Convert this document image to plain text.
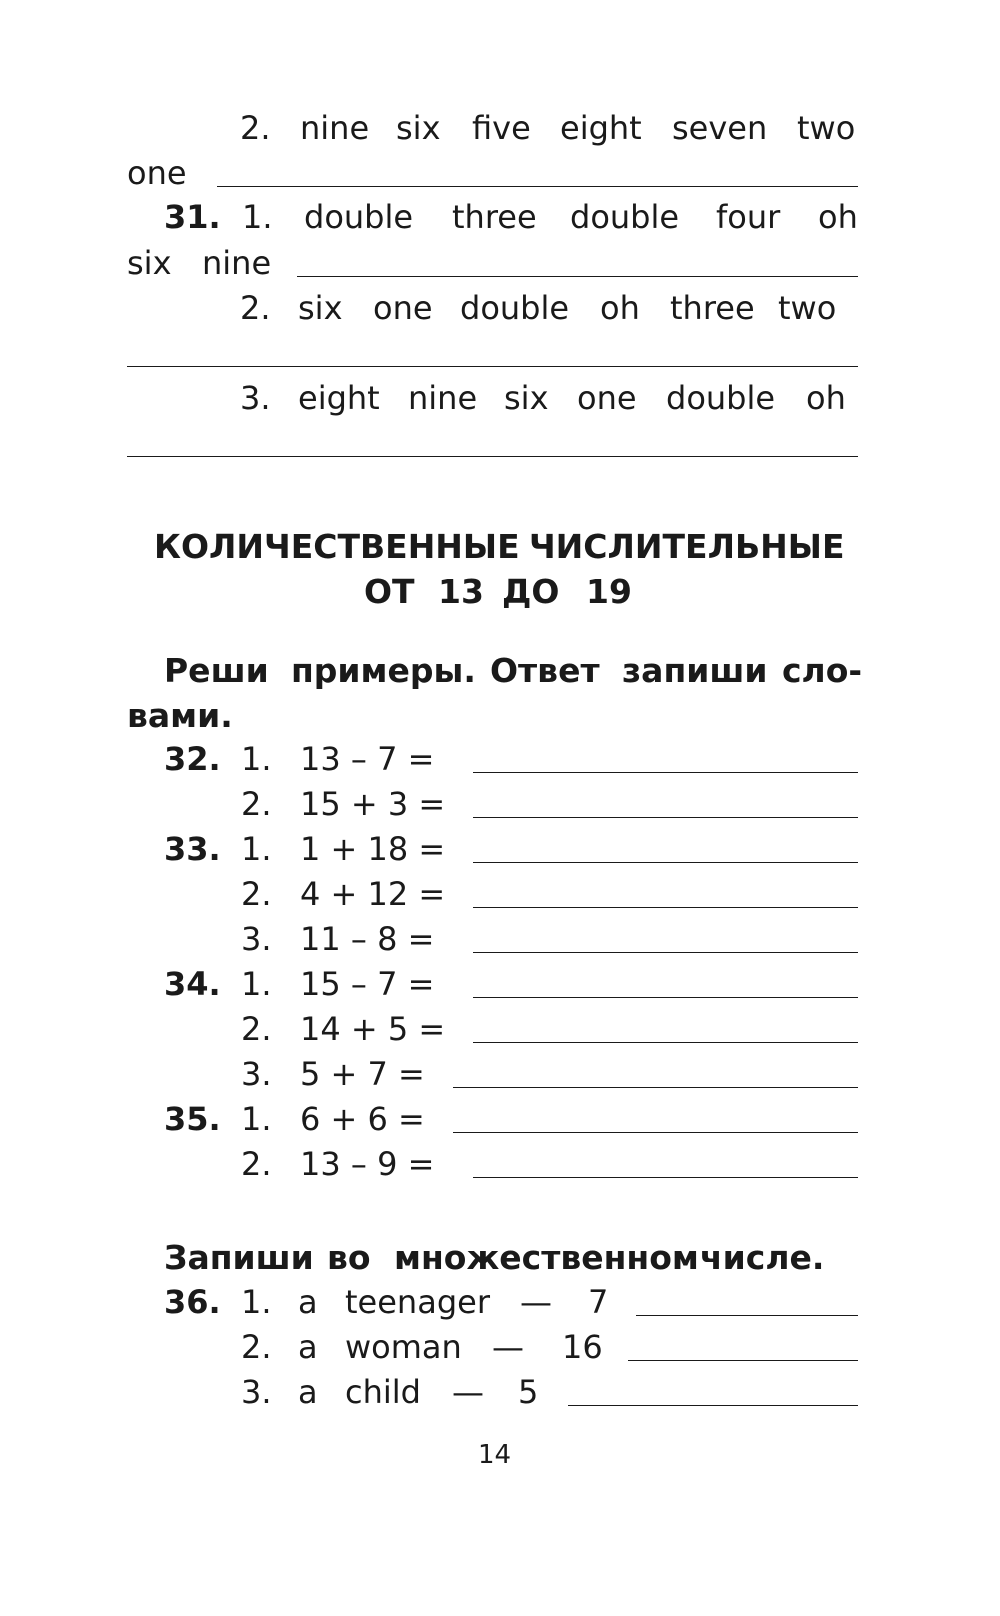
2. nine six five eight seven two
one
31. 1. double three double four oh
six nine
2. six one double oh three two
3. eight nine six one double oh
КОЛИЧЕСТВЕННЫЕ ЧИСЛИТЕЛЬНЫЕ
ОТ 13 ДО 19
Реши примеры. Ответ запиши сло-
вами.
32. 1. 13 – 7 =
2. 15 + 3 =
33. 1. 1 + 18 =
2. 4 + 12 =
3. 11 – 8 =
34. 1. 15 – 7 =
2. 14 + 5 =
3. 5 + 7 =
35. 1. 6 + 6 =
2. 13 – 9 =
Запиши во множественном числе.
36. 1. a teenager — 7
2. a woman — 16
3. a child — 5
14
